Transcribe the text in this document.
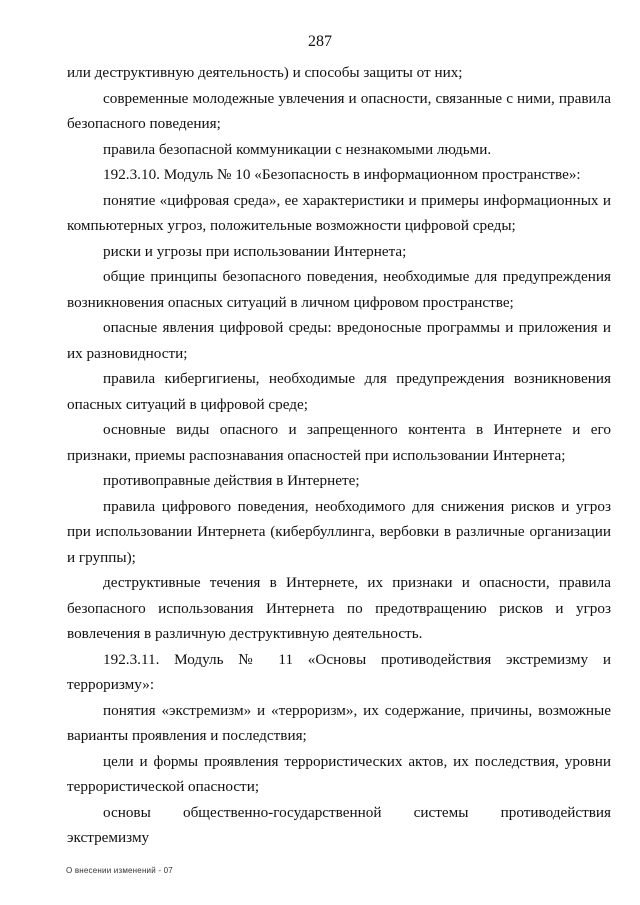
287

или деструктивную деятельность) и способы защиты от них;

современные молодежные увлечения и опасности, связанные с ними, правила безопасного поведения;

правила безопасной коммуникации с незнакомыми людьми.

192.3.10. Модуль № 10 «Безопасность в информационном пространстве»:

понятие «цифровая среда», ее характеристики и примеры информационных и компьютерных угроз, положительные возможности цифровой среды;

риски и угрозы при использовании Интернета;

общие принципы безопасного поведения, необходимые для предупреждения возникновения опасных ситуаций в личном цифровом пространстве;

опасные явления цифровой среды: вредоносные программы и приложения и их разновидности;

правила кибергигиены, необходимые для предупреждения возникновения опасных ситуаций в цифровой среде;

основные виды опасного и запрещенного контента в Интернете и его признаки, приемы распознавания опасностей при использовании Интернета;

противоправные действия в Интернете;

правила цифрового поведения, необходимого для снижения рисков и угроз при использовании Интернета (кибербуллинга, вербовки в различные организации и группы);

деструктивные течения в Интернете, их признаки и опасности, правила безопасного использования Интернета по предотвращению рисков и угроз вовлечения в различную деструктивную деятельность.

192.3.11. Модуль № 11 «Основы противодействия экстремизму и терроризму»:

понятия «экстремизм» и «терроризм», их содержание, причины, возможные варианты проявления и последствия;

цели и формы проявления террористических актов, их последствия, уровни террористической опасности;

основы общественно-государственной системы противодействия экстремизму

О внесении изменений - 07
